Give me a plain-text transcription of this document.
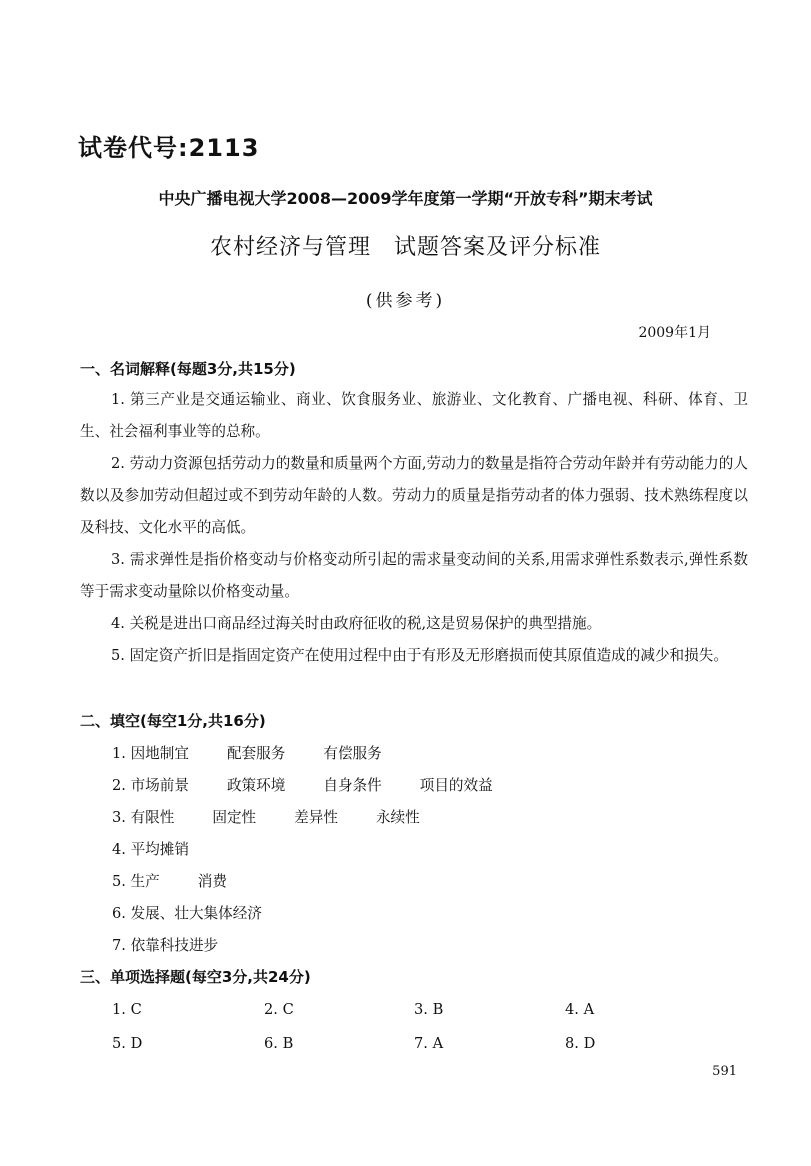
试卷代号:2113
中央广播电视大学2008—2009学年度第一学期“开放专科”期末考试
农村经济与管理　试题答案及评分标准
(供参考)
2009年1月
一、名词解释(每题3分,共15分)

1. 第三产业是交通运输业、商业、饮食服务业、旅游业、文化教育、广播电视、科研、体育、卫生、社会福利事业等的总称。

2. 劳动力资源包括劳动力的数量和质量两个方面,劳动力的数量是指符合劳动年龄并有劳动能力的人数以及参加劳动但超过或不到劳动年龄的人数。劳动力的质量是指劳动者的体力强弱、技术熟练程度以及科技、文化水平的高低。

3. 需求弹性是指价格变动与价格变动所引起的需求量变动间的关系,用需求弹性系数表示,弹性系数等于需求变动量除以价格变动量。

4. 关税是进出口商品经过海关时由政府征收的税,这是贸易保护的典型措施。

5. 固定资产折旧是指固定资产在使用过程中由于有形及无形磨损而使其原值造成的减少和损失。

二、填空(每空1分,共16分)
1. 因地制宜	配套服务	有偿服务
2. 市场前景	政策环境	自身条件	项目的效益
3. 有限性	固定性	差异性	永续性
4. 平均摊销
5. 生产	消费
6. 发展、壮大集体经济
7. 依靠科技进步
三、单项选择题(每空3分,共24分)
1. C	2. C	3. B	4. A
5. D	6. B	7. A	8. D
591
